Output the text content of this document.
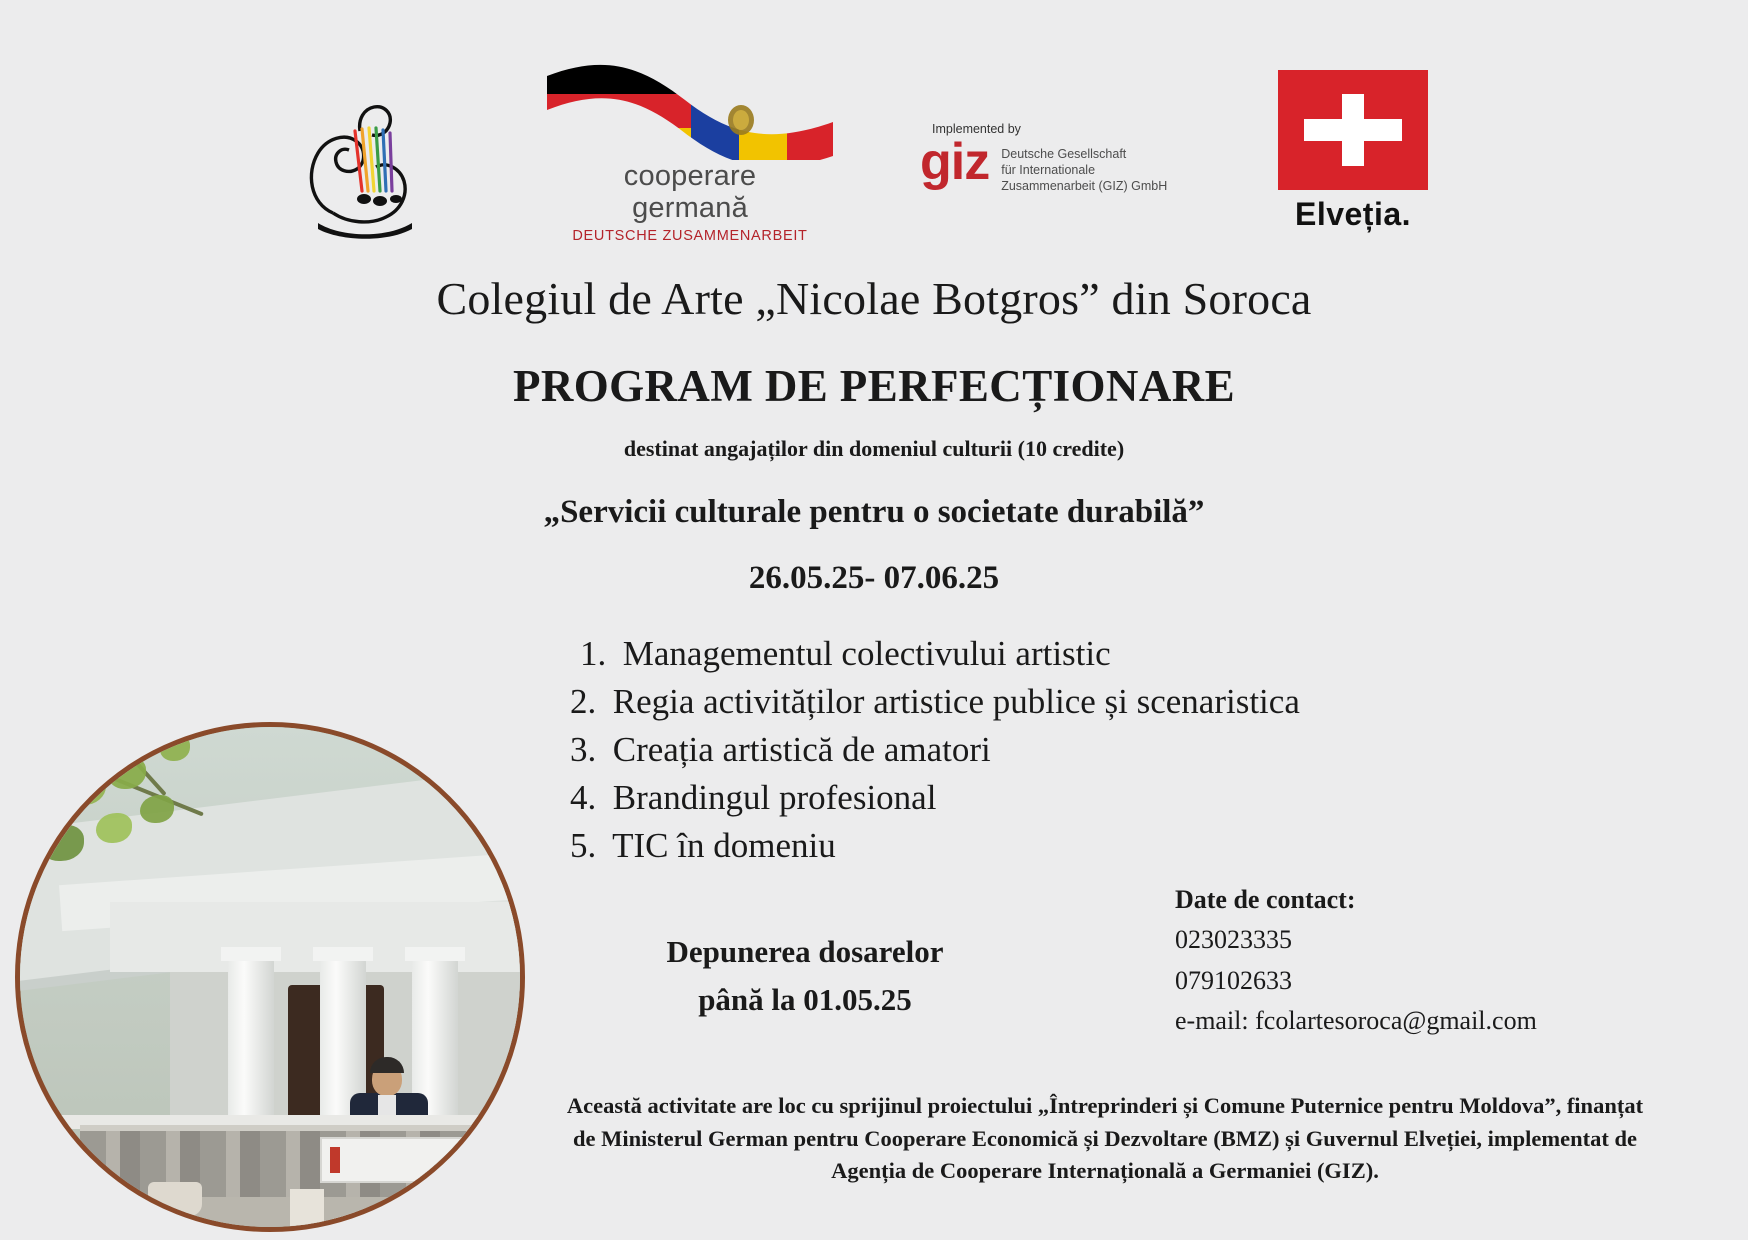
cooperare
germană
DEUTSCHE ZUSAMMENARBEIT
Implemented by
giz Deutsche Gesellschaft
für Internationale
Zusammenarbeit (GIZ) GmbH
Elveția.
Colegiul de Arte „Nicolae Botgros” din Soroca
PROGRAM DE PERFECȚIONARE
destinat angajaților din domeniul culturii (10 credite)
„Servicii culturale pentru o societate durabilă”
26.05.25- 07.06.25
1. Managementul colectivului artistic
2. Regia activităților artistice publice și scenaristica
3. Creația artistică de amatori
4. Brandingul profesional
5. TIC în domeniu
Depunerea dosarelor
până la 01.05.25
Date de contact:
023023335
079102633
e-mail: fcolartesoroca@gmail.com
Această activitate are loc cu sprijinul proiectului „Întreprinderi și Comune Puternice pentru Moldova”, finanțat de Ministerul German pentru Cooperare Economică și Dezvoltare (BMZ) și Guvernul Elveției, implementat de Agenția de Cooperare Internațională a Germaniei (GIZ).
